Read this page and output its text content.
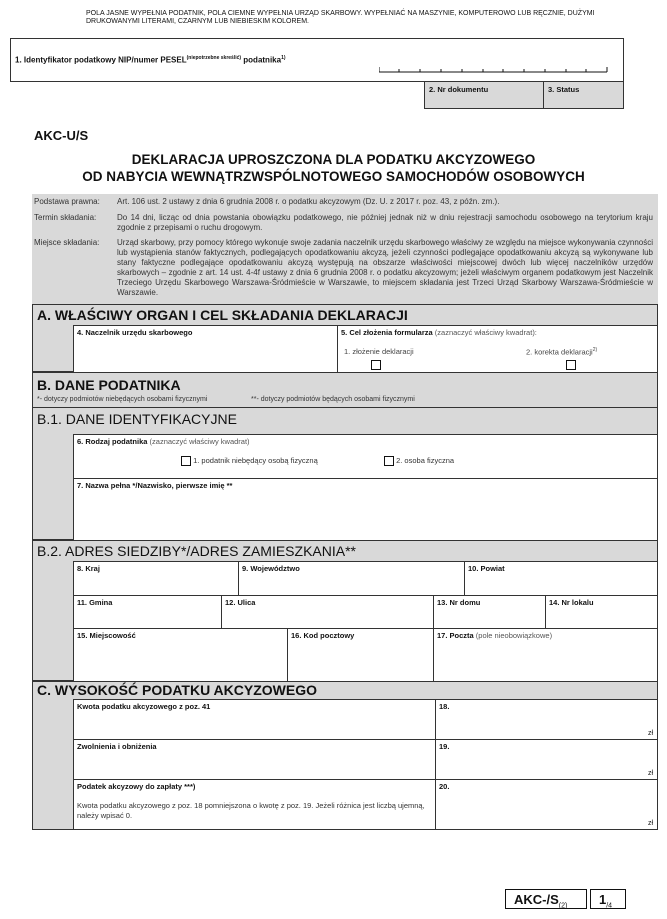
POLA JASNE WYPEŁNIA PODATNIK, POLA CIEMNE WYPEŁNIA URZĄD SKARBOWY. WYPEŁNIAĆ NA MASZYNIE, KOMPUTEROWO LUB RĘCZNIE, DUŻYMI DRUKOWANYMI LITERAMI, CZARNYM LUB NIEBIESKIM KOLOREM.
1. Identyfikator podatkowy NIP/numer $PESEL^{(niepotrzebne skreślić)}$ podatnika$^{1)}$
2. Nr dokumentu	3. Status
AKC-U/S
DEKLARACJA UPROSZCZONA DLA PODATKU AKCYZOWEGO
OD NABYCIA WEWNĄTRZWSPÓLNOTOWEGO SAMOCHODÓW OSOBOWYCH
Podstawa prawna: Art. 106 ust. 2 ustawy z dnia 6 grudnia 2008 r. o podatku akcyzowym (Dz. U. z 2017 r. poz. 43, z późn. zm.).
Termin składania:	Do 14 dni, licząc od dnia powstania obowiązku podatkowego, nie później jednak niż w dniu rejestracji samochodu osobowego na terytorium kraju zgodnie z przepisami o ruchu drogowym.
Miejsce składania: Urząd skarbowy, przy pomocy którego wykonuje swoje zadania naczelnik urzędu skarbowego właściwy ze względu na miejsce wykonywania czynności lub wystąpienia stanów faktycznych, podlegających opodatkowaniu akcyzą, jeżeli czynności podlegające opodatkowaniu akcyzą są wykonywane lub stany faktyczne podlegające opodatkowaniu akcyzą występują na obszarze właściwości miejscowej dwóch lub więcej naczelników urzędów skarbowych – zgodnie z art. 14 ust. 4-4f ustawy z dnia 6 grudnia 2008 r. o podatku akcyzowym; jeżeli właściwym organem podatkowym jest Naczelnik Trzeciego Urzędu Skarbowego Warszawa-Śródmieście w Warszawie, to miejscem składania jest Trzeci Urząd Skarbowy Warszawa-Śródmieście w Warszawie.
A. WŁAŚCIWY ORGAN I CEL SKŁADANIA DEKLARACJI
4. Naczelnik urzędu skarbowego	5. Cel złożenia formularza (zaznaczyć właściwy kwadrat):
1. złożenie deklaracji	2. korekta deklaracji$^{2)}$
B. DANE PODATNIKA
*- dotyczy podmiotów niebędących osobami fizycznymi	**- dotyczy podmiotów będących osobami fizycznymi
B.1. DANE IDENTYFIKACYJNE
6. Rodzaj podatnika (zaznaczyć właściwy kwadrat)
1. podatnik niebędący osobą fizyczną	2. osoba fizyczna
7. Nazwa pełna */Nazwisko, pierwsze imię **
B.2. ADRES SIEDZIBY*/ADRES ZAMIESZKANIA**
8. Kraj	9. Województwo	10. Powiat
11. Gmina	12. Ulica	13. Nr domu	14. Nr lokalu
15. Miejscowość	16. Kod pocztowy	17. Poczta (pole nieobowiązkowe)
C. WYSOKOŚĆ PODATKU AKCYZOWEGO
Kwota podatku akcyzowego z poz. 41	18.
zł
Zwolnienia i obniżenia	19.
zł
Podatek akcyzowy do zapłaty ***)
Kwota podatku akcyzowego z poz. 18 pomniejszona o kwotę z poz. 19. Jeżeli różnica jest liczbą ujemną, należy wpisać 0.
20.
zł
AKC-$/S_{(2)}$ $1_{/4}$
